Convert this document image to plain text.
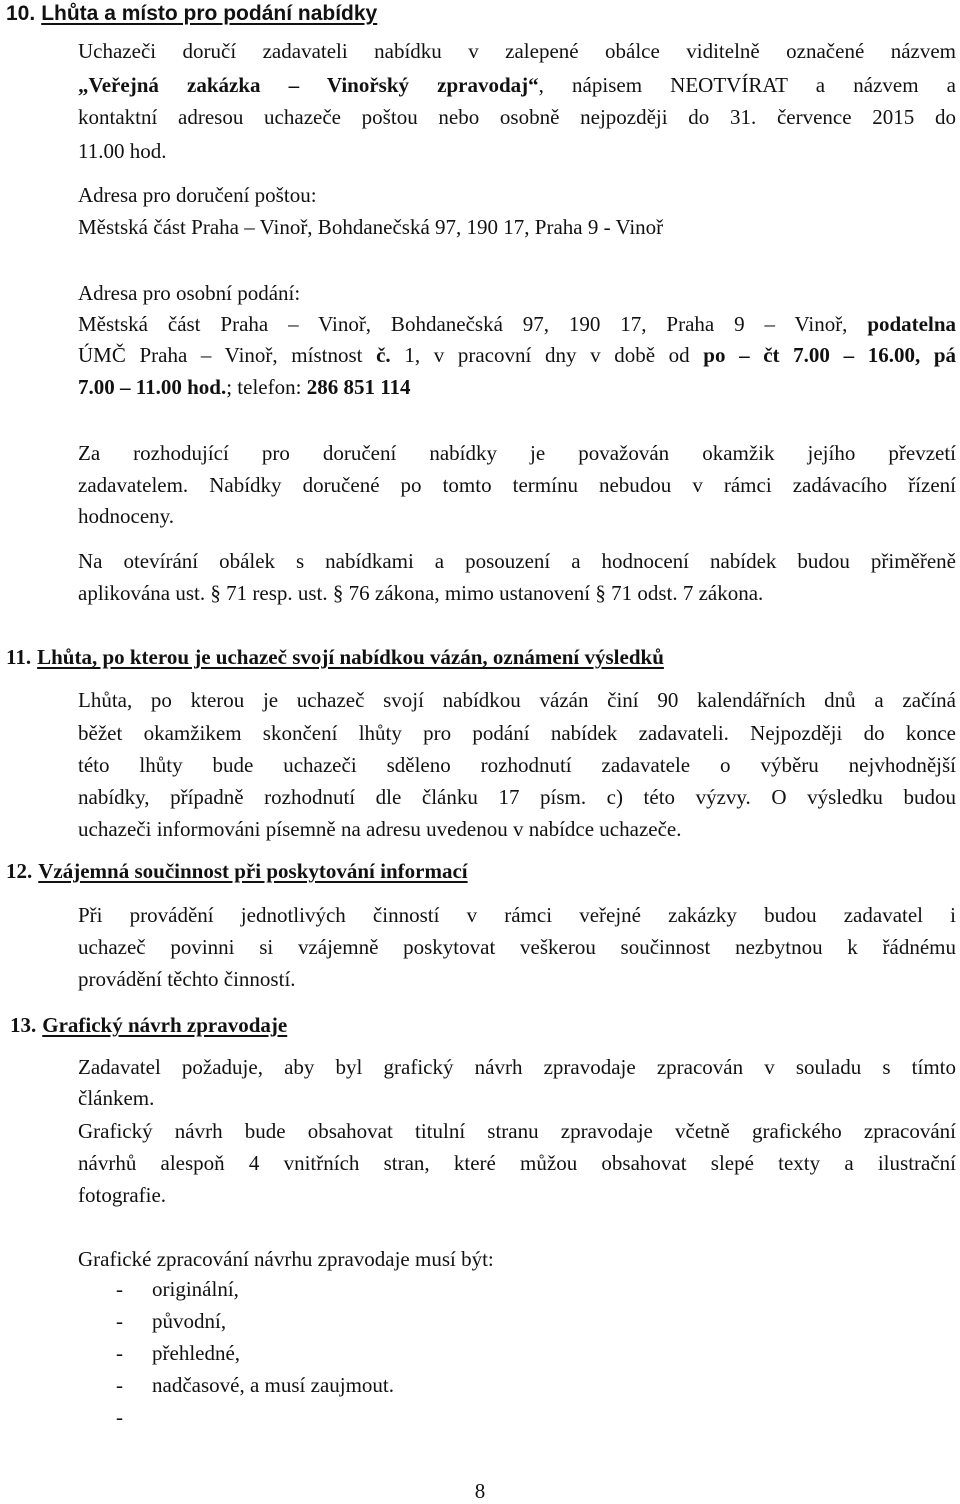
10. Lhůta a místo pro podání nabídky
Uchazeči doručí zadavateli nabídku v zalepené obálce viditelně označené názvem
„Veřejná zakázka – Vinořský zpravodaj“, nápisem NEOTVÍRAT a názvem a
kontaktní adresou uchazeče poštou nebo osobně nejpozději do 31. července 2015 do
11.00 hod.
Adresa pro doručení poštou:
Městská část Praha – Vinoř, Bohdanečská 97, 190 17, Praha 9 - Vinoř
Adresa pro osobní podání:
Městská část Praha – Vinoř, Bohdanečská 97, 190 17, Praha 9 – Vinoř, podatelna
ÚMČ Praha – Vinoř, místnost č. 1, v pracovní dny v době od po – čt 7.00 – 16.00, pá
7.00 – 11.00 hod.; telefon: 286 851 114
Za rozhodující pro doručení nabídky je považován okamžik jejího převzetí
zadavatelem. Nabídky doručené po tomto termínu nebudou v rámci zadávacího řízení
hodnoceny.
Na otevírání obálek s nabídkami a posouzení a hodnocení nabídek budou přiměřeně
aplikována ust. § 71 resp. ust. § 76 zákona, mimo ustanovení § 71 odst. 7 zákona.
11. Lhůta, po kterou je uchazeč svojí nabídkou vázán, oznámení výsledků
Lhůta, po kterou je uchazeč svojí nabídkou vázán činí 90 kalendářních dnů a začíná
běžet okamžikem skončení lhůty pro podání nabídek zadavateli. Nejpozději do konce
této lhůty bude uchazeči sděleno rozhodnutí zadavatele o výběru nejvhodnější
nabídky, případně rozhodnutí dle článku 17 písm. c) této výzvy. O výsledku budou
uchazeči informováni písemně na adresu uvedenou v nabídce uchazeče.
12. Vzájemná součinnost při poskytování informací
Při provádění jednotlivých činností v rámci veřejné zakázky budou zadavatel i
uchazeč povinni si vzájemně poskytovat veškerou součinnost nezbytnou k řádnému
provádění těchto činností.
13. Grafický návrh zpravodaje
Zadavatel požaduje, aby byl grafický návrh zpravodaje zpracován v souladu s tímto
článkem.
Grafický návrh bude obsahovat titulní stranu zpravodaje včetně grafického zpracování
návrhů alespoň 4 vnitřních stran, které můžou obsahovat slepé texty a ilustrační
fotografie.
Grafické zpracování návrhu zpravodaje musí být:
- originální,
- původní,
- přehledné,
- nadčasové, a musí zaujmout.
-
8
